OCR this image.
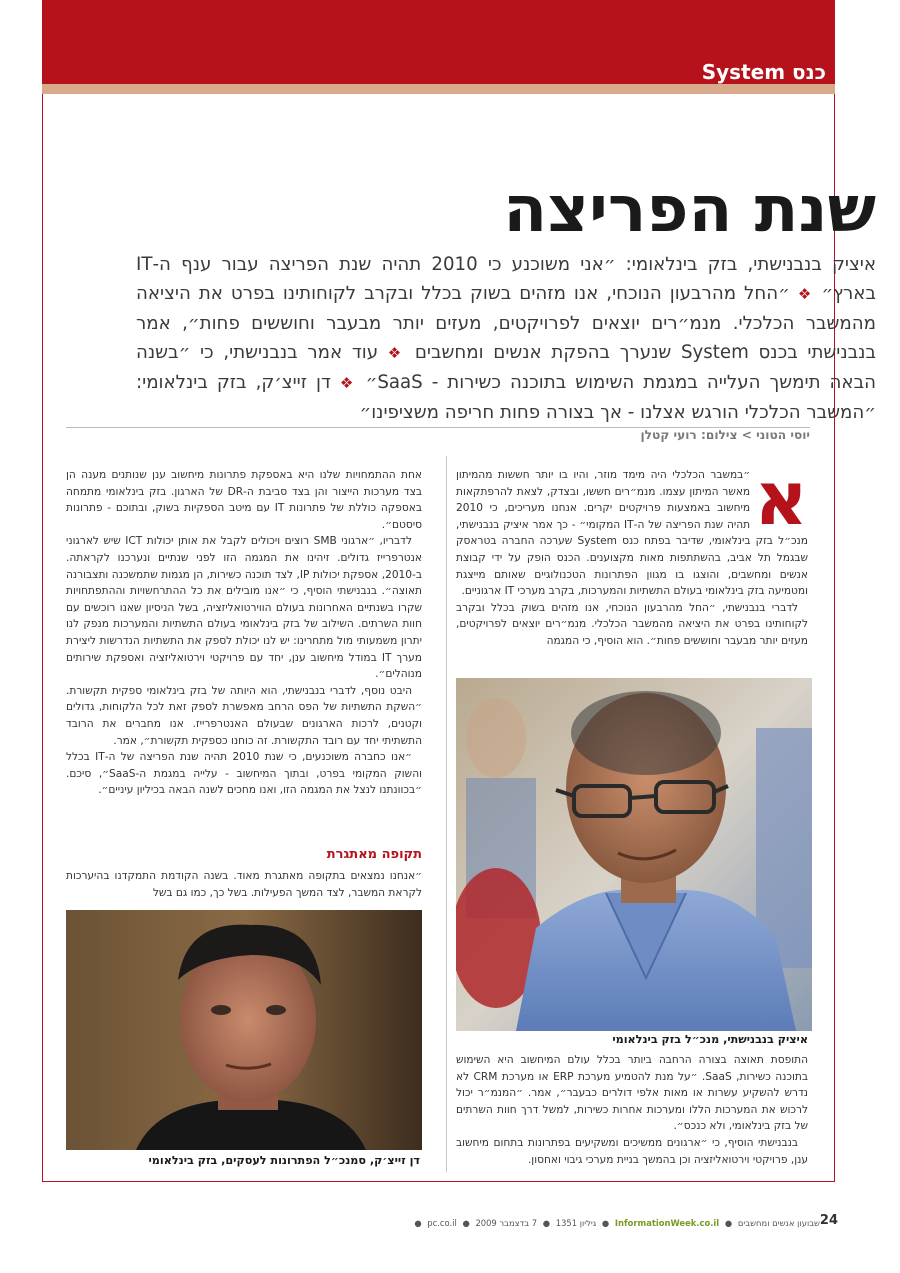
כנס System
שנת הפריצה
איציק בנבנישתי, בזק בינלאומי: ״אני משוכנע כי 2010 תהיה שנת הפריצה עבור ענף ה-IT בארץ״ ❖ ״החל מהרבעון הנוכחי, אנו מזהים בשוק בכלל ובקרב לקוחותינו בפרט את היציאה מהמשבר הכלכלי. מנמ״רים יוצאים לפרויקטים, מעזים יותר מבעבר וחוששים פחות״, אמר בנבנישתי בכנס System שנערך בהפקת אנשים ומחשבים ❖ עוד אמר בנבנישתי, כי ״בשנה הבאה תימשך העלייה במגמת השימוש בתוכנה כשירות - SaaS״ ❖ דן זייצ׳ק, בזק בינלאומי: ״המשבר הכלכלי הורגש אצלנו - אך בצורה פחות חריפה משציפינו״
יוסי הטוני > צילום: רועי קטלן
א

״במשבר הכלכלי היה מימד מוזר, והיו בו יותר חששות מהמיתון מאשר המיתון עצמו. מנמ״רים חששו, ובצדק, לצאת להרפתקאות מיחשוב באמצעות פרויקטים יקרים. אנחנו מעריכים, כי 2010 תהיה שנת הפריצה של ה-IT המקומי״ - כך אמר איציק בנבנישתי, מנכ״ל בזק בינלאומי, שדיבר בפתח כנס System שערכה החברה בטראסק שבגמל תל אביב, בהשתתפות מאות מקצוענים. הכנס הופק על ידי קבוצת אנשים ומחשבים, והוצגו בו מגוון הפתרונות הטכנולוגיים שאותם מייצגת ומטמיעה בזק בינלאומי בעולם התשתיות והמערכות, בקרב מערכי IT ארגוניים.

לדברי בנבנישתי, ״החל מהרבעון הנוכחי, אנו מזהים בשוק בכלל ובקרב לקוחותינו בפרט את היציאה מהמשבר הכלכלי. מנמ״רים יוצאים לפרויקטים, מעזים יותר מבעבר וחוששים פחות״. הוא הוסיף, כי המגמה

איציק בנבנישתי, מנכ״ל בזק בינלאומי

התופסת תאוצה בצורה הרחבה ביותר בכלל עולם המיחשוב היא השימוש בתוכנה כשירות, SaaS. ״על מנת להטמיע מערכת ERP או מערכת CRM לא נדרש להשקיע עשרות או מאות אלפי דולרים כבעבר״, אמר. ״המנמ״ר יכול לרכוש את המערכות הללו ומערכות אחרות כשירות, למשל דרך חוות השרתים של בזק בינלאומי, ולא כנכס״.

בנבנישתי הוסיף, כי ״ארגונים ממשיכים ומשקיעים בפתרונות בתחום מיחשוב ענן, פרויקטי וירטואליזציה וכן בהמשך בניית מערכי גיבוי ואחסון.

אחת ההתמחויות שלנו היא באספקת פתרונות מיחשוב ענן שנותנים מענה הן בצד מערכות הייצור והן בצד סביבת ה-DR של הארגון. בזק בינלאומי מתמחה באספקה כוללת של פתרונות IT עם מיטב הספקיות בשוק, ובתוכם - פתרונות סיסטם״.

לדבריו, ״ארגוני SMB רוצים ויכולים לקבל את אותן יכולות ICT שיש לארגוני אנטרפרייז גדולים. זיהינו את המגמה הזו לפני שנתיים ונערכנו לקראתה. ב-2010, אספקת יכולות IP, לצד תוכנה כשירות, הן מגמות שתמשכנה ותצבורנה תאוצה״. בנבנישתי הוסיף, כי ״אנו מובילים את כל ההתרחשויות וההתפתחויות שקרו בשנתיים האחרונות בעולם הווירטואליזציה, בשל הניסיון שאנו רוכשים עם חוות השרתים. השילוב של בזק בינלאומי בעולם התשתיות והמערכות מנפק לנו יתרון משמעותי מול מתחרינו: יש לנו יכולת לספק את התשתיות הנדרשות ליצירת מערך IT במודל מיחשוב ענן, יחד עם פרויקטי וירטואליזציה ואספקת שירותים מנוהלים״.

היבט נוסף, לדברי בנבנישתי, הוא היותה של בזק בינלאומי ספקית תקשורת. ״השקת התשתיות של הפס הרחב מאפשרת לספק זאת לכל הלקוחות, גדולים וקטנים, לרכות הארגונים שבעולם האנטרפרייז. אנו מחברים את הרובד התשתיתי יחד עם רובד התקשורת. זה כוחנו כספקית תקשורת״, אמר.

״אנו כחברה משוכנעים, כי שנת 2010 תהיה שנת הפריצה של ה-IT בכלל והשוק המקומי בפרט, ובתוך המיחשוב - עלייה במגמת ה-SaaS״, סיכם. ״בכוונתנו לנצל את המגמה הזו, ואנו מחכים לשנה הבאה בכיליון עיניים״.

תקופה מאתגרת

״אנחנו נמצאים בתקופה מאתגרת מאוד. בשנה הקודמת התמקדנו בהיערכות לקראת המשבר, לצד המשך הפעילות. בשל כך, כמו גם בשל

דן זייצ׳ק, סמנכ״ל הפתרונות לעסקים, בזק בינלאומי
24
שבועון אנשים ומחשבים ● InformationWeek.co.il ● גיליון 1351 ● 7 בדצמבר 2009 ● pc.co.il ●
